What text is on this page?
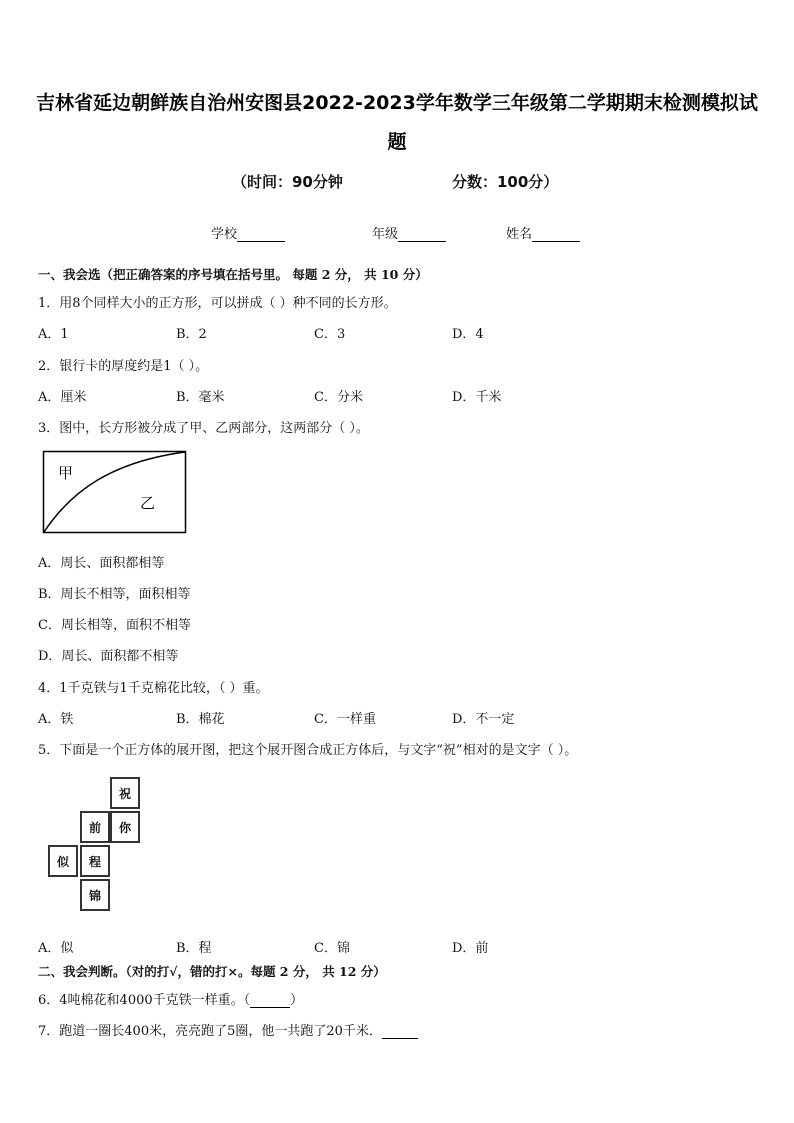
吉林省延边朝鲜族自治州安图县2022-2023学年数学三年级第二学期期末检测模拟试
题
（时间：90分钟	分数：100分）
学校	年级	姓名
一、我会选（把正确答案的序号填在括号里。 每题 2 分， 共 10 分）
1．用8个同样大小的正方形，可以拼成（ ）种不同的长方形。
A．1	B．2	C．3	D．4
2．银行卡的厚度约是1（ ）。
A．厘米	B．毫米	C．分米	D．千米
3．图中，长方形被分成了甲、乙两部分，这两部分（ ）。
甲
乙
A．周长、面积都相等
B．周长不相等，面积相等
C．周长相等，面积不相等
D．周长、面积都不相等
4．1千克铁与1千克棉花比较，（ ）重。
A．铁	B．棉花	C．一样重	D．不一定
5．下面是一个正方体的展开图，把这个展开图合成正方体后，与文字“祝”相对的是文字（ ）。
祝
前	你
似	程
锦
A．似	B．程	C．锦	D．前
二、我会判断。（对的打√，错的打×。每题 2 分， 共 12 分）
6．4吨棉花和4000千克铁一样重。（	）
7．跑道一圈长400米，亮亮跑了5圈，他一共跑了20千米．
